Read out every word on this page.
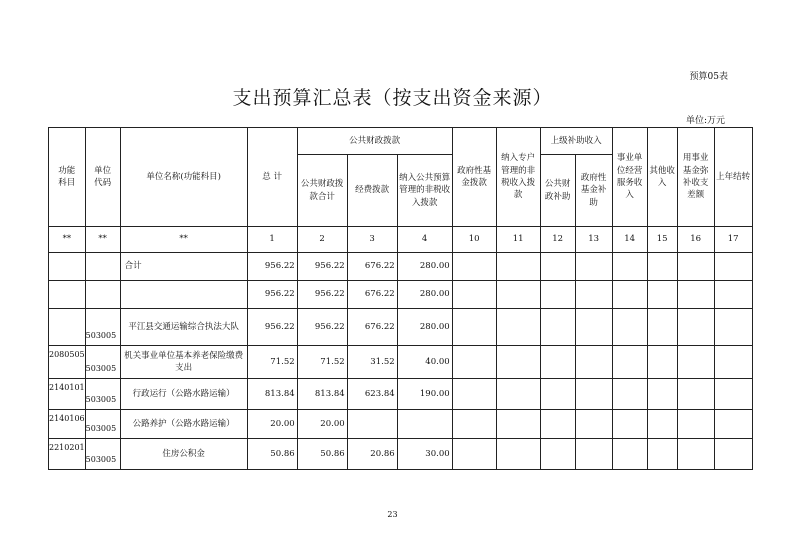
预算05表
支出预算汇总表（按支出资金来源）
单位:万元
功能科目	单位代码	单位名称(功能科目)	总 计	公共财政拨款			政府性基金拨款	纳入专户管理的非税收入拨款	上级补助收入		事业单位经营服务收入	其他收入	用事业基金弥补收支差额	上年结转

				公共财政拨款合计	经费拨款	纳入公共预算管理的非税收入拨款			公共财政补助	政府性基金补助				

**	**	**	1	2	3	4	10	11	12	13	14	15	16	17
		合计	956.22	956.22	676.22	280.00								
			956.22	956.22	676.22	280.00								
	503005	平江县交通运输综合执法大队	956.22	956.22	676.22	280.00								
2080505	503005	机关事业单位基本养老保险缴费支出	71.52	71.52	31.52	40.00								
2140101	503005	行政运行（公路水路运输）	813.84	813.84	623.84	190.00								
2140106	503005	公路养护（公路水路运输）	20.00	20.00										
2210201	503005	住房公积金	50.86	50.86	20.86	30.00								
23
